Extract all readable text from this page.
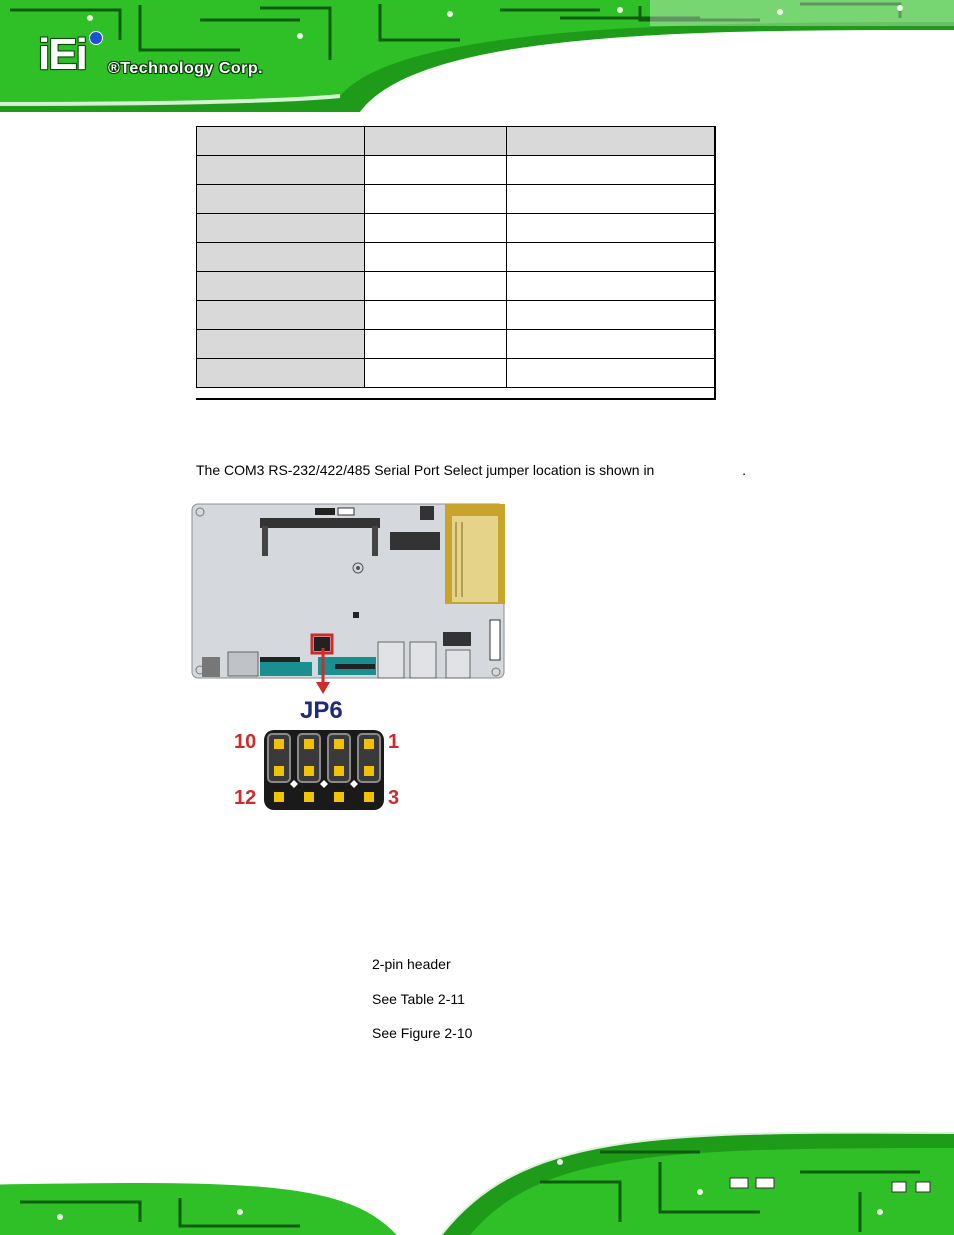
iEi ®Technology Corp.

The COM3 RS-232/422/485 Serial Port Select jumper location is shown in	.
JP6
10	1
12	3
2-pin header
See Table 2-11
See Figure 2-10
